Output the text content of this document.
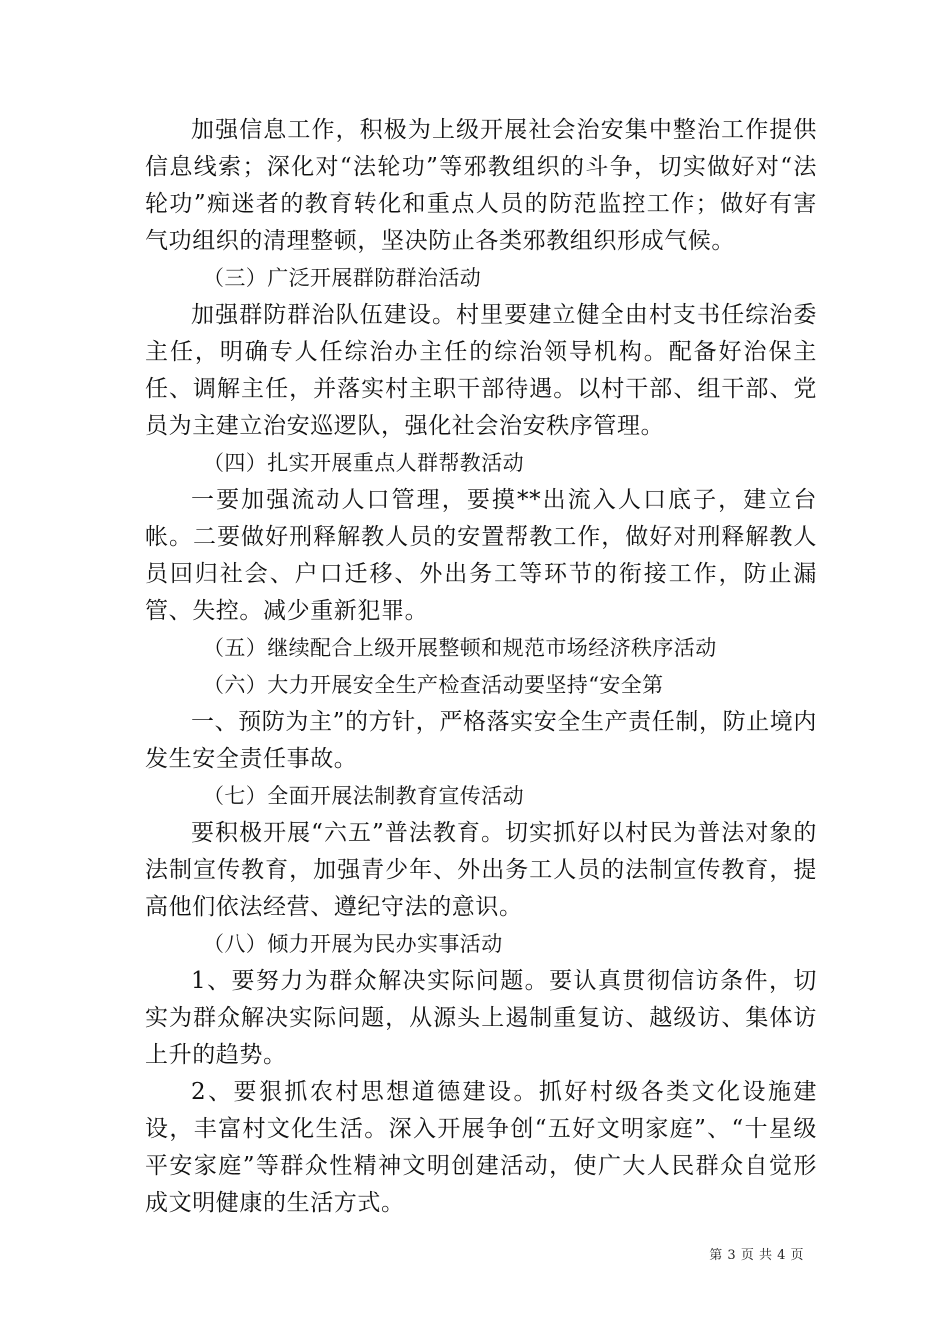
加强信息工作，积极为上级开展社会治安集中整治工作提供信息线索；深化对“法轮功”等邪教组织的斗争，切实做好对“法轮功”痴迷者的教育转化和重点人员的防范监控工作；做好有害气功组织的清理整顿，坚决防止各类邪教组织形成气候。

（三）广泛开展群防群治活动

加强群防群治队伍建设。村里要建立健全由村支书任综治委主任，明确专人任综治办主任的综治领导机构。配备好治保主任、调解主任，并落实村主职干部待遇。以村干部、组干部、党员为主建立治安巡逻队，强化社会治安秩序管理。

（四）扎实开展重点人群帮教活动

一要加强流动人口管理，要摸**出流入人口底子，建立台帐。二要做好刑释解教人员的安置帮教工作，做好对刑释解教人员回归社会、户口迁移、外出务工等环节的衔接工作，防止漏管、失控。减少重新犯罪。

（五）继续配合上级开展整顿和规范市场经济秩序活动

（六）大力开展安全生产检查活动要坚持“安全第

一、预防为主”的方针，严格落实安全生产责任制，防止境内发生安全责任事故。

（七）全面开展法制教育宣传活动

要积极开展“六五”普法教育。切实抓好以村民为普法对象的法制宣传教育，加强青少年、外出务工人员的法制宣传教育，提高他们依法经营、遵纪守法的意识。

（八）倾力开展为民办实事活动

1、要努力为群众解决实际问题。要认真贯彻信访条件，切实为群众解决实际问题，从源头上遏制重复访、越级访、集体访上升的趋势。

2、要狠抓农村思想道德建设。抓好村级各类文化设施建设，丰富村文化生活。深入开展争创“五好文明家庭”、“十星级平安家庭”等群众性精神文明创建活动，使广大人民群众自觉形成文明健康的生活方式。

第 3 页 共 4 页
